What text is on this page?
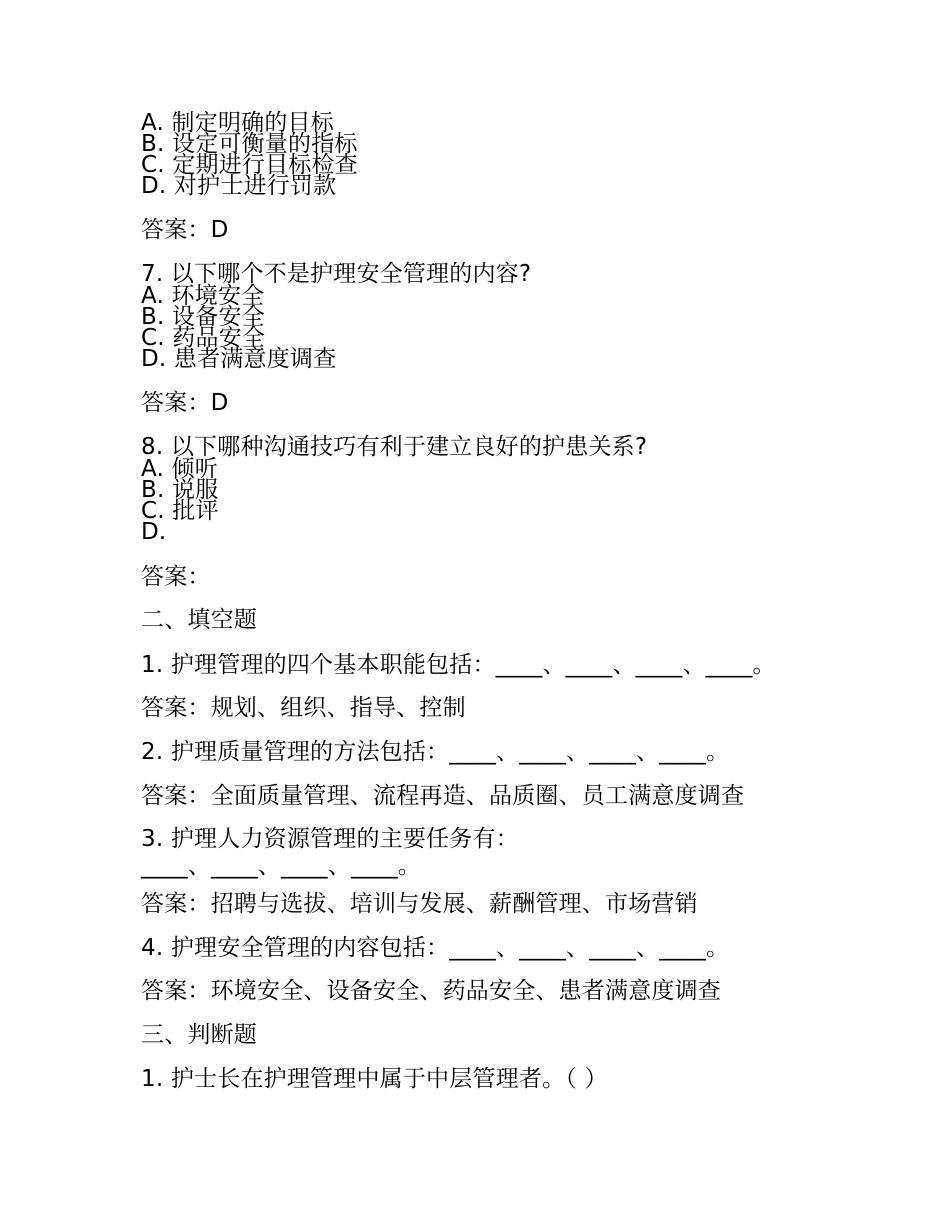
A. 制定明确的目标
B. 设定可衡量的指标
C. 定期进行目标检查
D. 对护士进行罚款
答案：D
7. 以下哪个不是护理安全管理的内容?
A. 环境安全
B. 设备安全
C. 药品安全
D. 患者满意度调查
答案：D
8. 以下哪种沟通技巧有利于建立良好的护患关系?
A. 倾听
B. 说服
C. 批评
D.
答案：
二、填空题
1. 护理管理的四个基本职能包括：____、____、____、____。
答案：规划、组织、指导、控制
2. 护理质量管理的方法包括：____、____、____、____。
答案：全面质量管理、流程再造、品质圈、员工满意度调查
3. 护理人力资源管理的主要任务有：
____、____、____、____。
答案：招聘与选拔、培训与发展、薪酬管理、市场营销
4. 护理安全管理的内容包括：____、____、____、____。
答案：环境安全、设备安全、药品安全、患者满意度调查
三、判断题
1. 护士长在护理管理中属于中层管理者。（ ）
